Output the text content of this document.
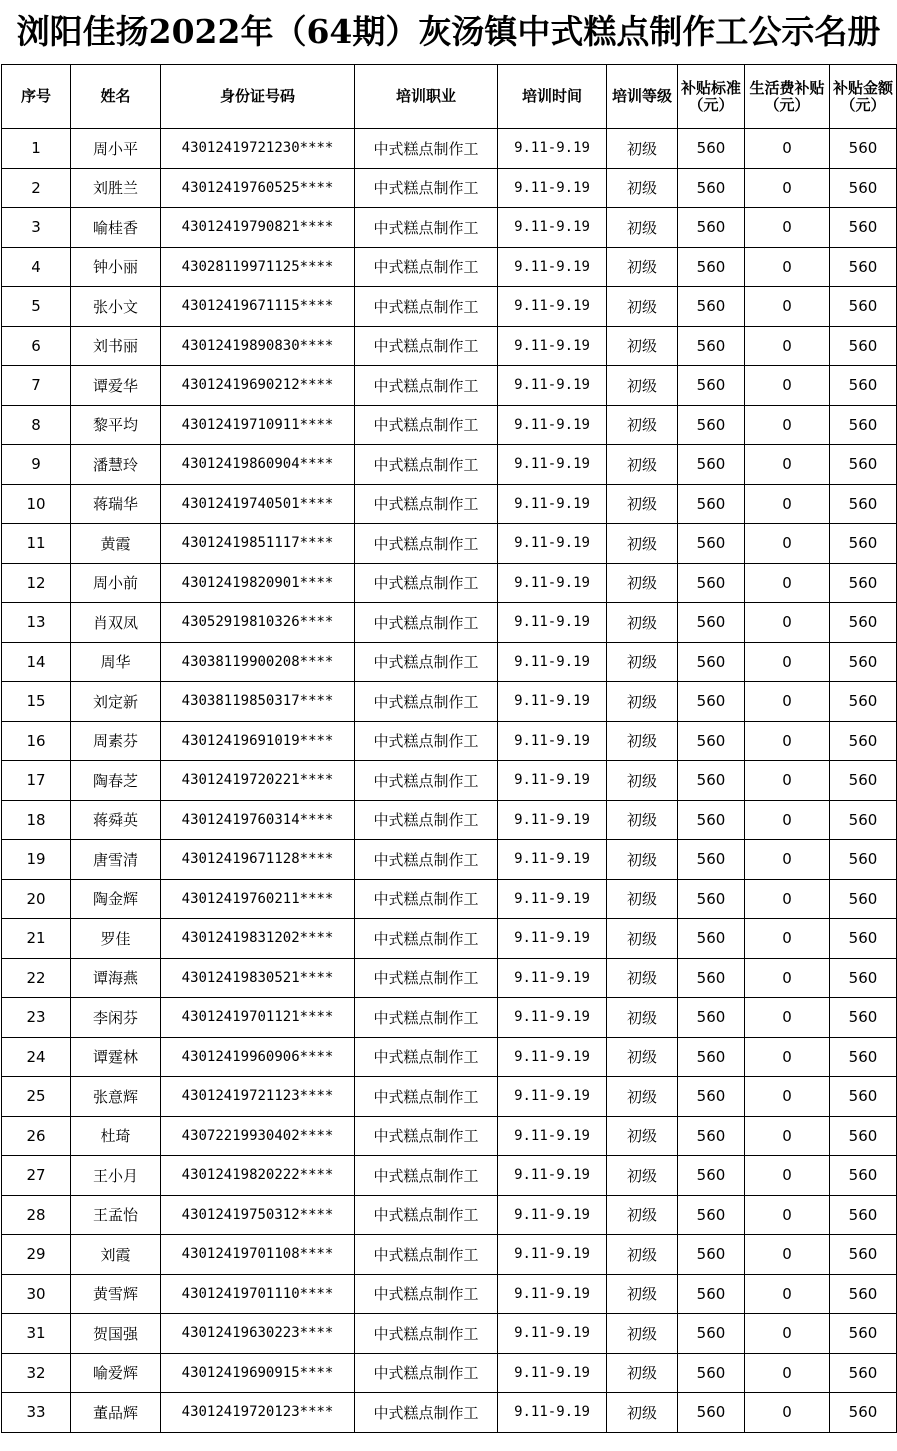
浏阳佳扬2022年（64期）灰汤镇中式糕点制作工公示名册
序号	姓名	身份证号码	培训职业	培训时间	培训等级	补贴标准（元）	生活费补贴（元）	补贴金额（元）
1	周小平	43012419721230****	中式糕点制作工	9.11-9.19	初级	560	0	560
2	刘胜兰	43012419760525****	中式糕点制作工	9.11-9.19	初级	560	0	560
3	喻桂香	43012419790821****	中式糕点制作工	9.11-9.19	初级	560	0	560
4	钟小丽	43028119971125****	中式糕点制作工	9.11-9.19	初级	560	0	560
5	张小文	43012419671115****	中式糕点制作工	9.11-9.19	初级	560	0	560
6	刘书丽	43012419890830****	中式糕点制作工	9.11-9.19	初级	560	0	560
7	谭爱华	43012419690212****	中式糕点制作工	9.11-9.19	初级	560	0	560
8	黎平均	43012419710911****	中式糕点制作工	9.11-9.19	初级	560	0	560
9	潘慧玲	43012419860904****	中式糕点制作工	9.11-9.19	初级	560	0	560
10	蒋瑞华	43012419740501****	中式糕点制作工	9.11-9.19	初级	560	0	560
11	黄霞	43012419851117****	中式糕点制作工	9.11-9.19	初级	560	0	560
12	周小前	43012419820901****	中式糕点制作工	9.11-9.19	初级	560	0	560
13	肖双凤	43052919810326****	中式糕点制作工	9.11-9.19	初级	560	0	560
14	周华	43038119900208****	中式糕点制作工	9.11-9.19	初级	560	0	560
15	刘定新	43038119850317****	中式糕点制作工	9.11-9.19	初级	560	0	560
16	周素芬	43012419691019****	中式糕点制作工	9.11-9.19	初级	560	0	560
17	陶春芝	43012419720221****	中式糕点制作工	9.11-9.19	初级	560	0	560
18	蒋舜英	43012419760314****	中式糕点制作工	9.11-9.19	初级	560	0	560
19	唐雪清	43012419671128****	中式糕点制作工	9.11-9.19	初级	560	0	560
20	陶金辉	43012419760211****	中式糕点制作工	9.11-9.19	初级	560	0	560
21	罗佳	43012419831202****	中式糕点制作工	9.11-9.19	初级	560	0	560
22	谭海燕	43012419830521****	中式糕点制作工	9.11-9.19	初级	560	0	560
23	李闲芬	43012419701121****	中式糕点制作工	9.11-9.19	初级	560	0	560
24	谭霆林	43012419960906****	中式糕点制作工	9.11-9.19	初级	560	0	560
25	张意辉	43012419721123****	中式糕点制作工	9.11-9.19	初级	560	0	560
26	杜琦	43072219930402****	中式糕点制作工	9.11-9.19	初级	560	0	560
27	王小月	43012419820222****	中式糕点制作工	9.11-9.19	初级	560	0	560
28	王孟怡	43012419750312****	中式糕点制作工	9.11-9.19	初级	560	0	560
29	刘霞	43012419701108****	中式糕点制作工	9.11-9.19	初级	560	0	560
30	黄雪辉	43012419701110****	中式糕点制作工	9.11-9.19	初级	560	0	560
31	贺国强	43012419630223****	中式糕点制作工	9.11-9.19	初级	560	0	560
32	喻爱辉	43012419690915****	中式糕点制作工	9.11-9.19	初级	560	0	560
33	董品辉	43012419720123****	中式糕点制作工	9.11-9.19	初级	560	0	560
